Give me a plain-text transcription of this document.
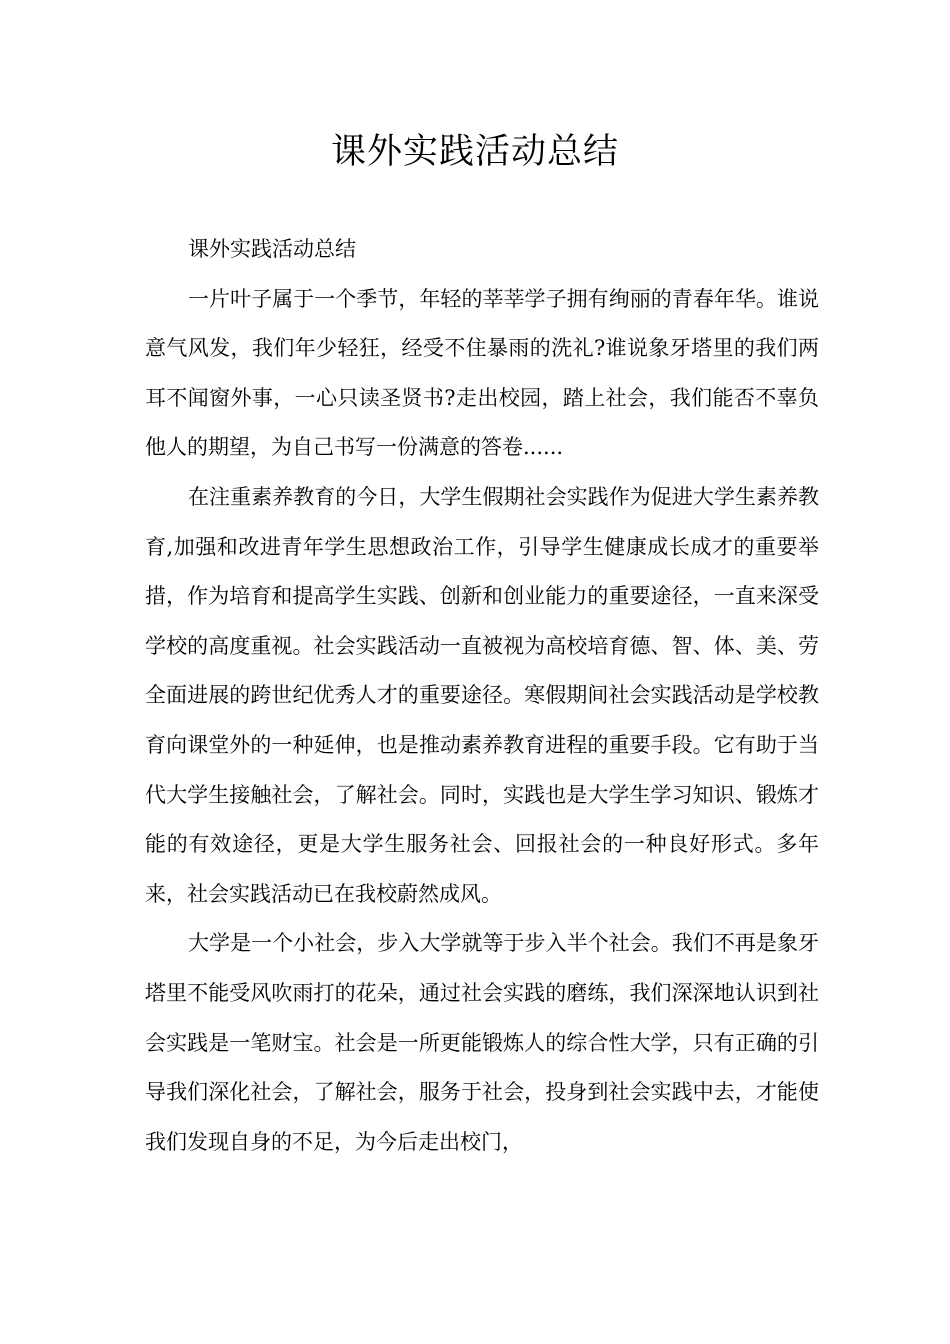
课外实践活动总结

课外实践活动总结

一片叶子属于一个季节，年轻的莘莘学子拥有绚丽的青春年华。谁说意气风发，我们年少轻狂，经受不住暴雨的洗礼?谁说象牙塔里的我们两耳不闻窗外事，一心只读圣贤书?走出校园，踏上社会，我们能否不辜负他人的期望，为自己书写一份满意的答卷......

在注重素养教育的今日，大学生假期社会实践作为促进大学生素养教育,加强和改进青年学生思想政治工作，引导学生健康成长成才的重要举措，作为培育和提高学生实践、创新和创业能力的重要途径，一直来深受学校的高度重视。社会实践活动一直被视为高校培育德、智、体、美、劳全面进展的跨世纪优秀人才的重要途径。寒假期间社会实践活动是学校教育向课堂外的一种延伸，也是推动素养教育进程的重要手段。它有助于当代大学生接触社会，了解社会。同时，实践也是大学生学习知识、锻炼才能的有效途径，更是大学生服务社会、回报社会的一种良好形式。多年来，社会实践活动已在我校蔚然成风。

大学是一个小社会，步入大学就等于步入半个社会。我们不再是象牙塔里不能受风吹雨打的花朵，通过社会实践的磨练，我们深深地认识到社会实践是一笔财宝。社会是一所更能锻炼人的综合性大学，只有正确的引导我们深化社会，了解社会，服务于社会，投身到社会实践中去，才能使我们发现自身的不足，为今后走出校门，
